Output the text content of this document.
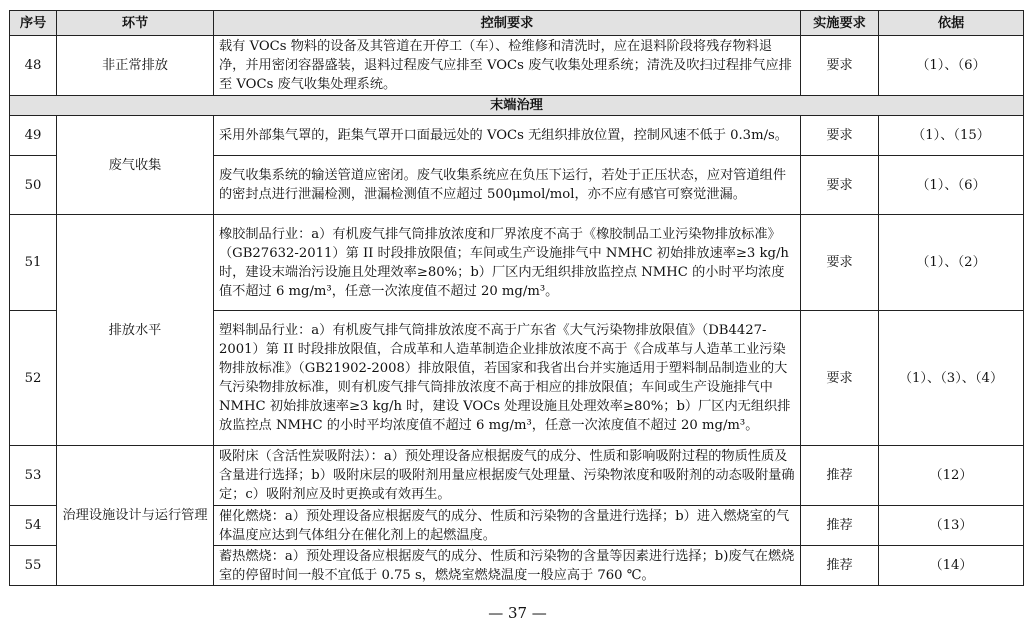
序号	环节	控制要求	实施要求	依据
48	非正常排放	载有 VOCs 物料的设备及其管道在开停工（车）、检维修和清洗时，应在退料阶段将残存物料退净，并用密闭容器盛装，退料过程废气应排至 VOCs 废气收集处理系统；清洗及吹扫过程排气应排至 VOCs 废气收集处理系统。	要求	（1）、（6）
末端治理				
49	废气收集	采用外部集气罩的，距集气罩开口面最远处的 VOCs 无组织排放位置，控制风速不低于 0.3m/s。	要求	（1）、（15）
50		废气收集系统的输送管道应密闭。废气收集系统应在负压下运行，若处于正压状态，应对管道组件的密封点进行泄漏检测，泄漏检测值不应超过 500μmol/mol，亦不应有感官可察觉泄漏。	要求	（1）、（6）
51	排放水平	橡胶制品行业：a）有机废气排气筒排放浓度和厂界浓度不高于《橡胶制品工业污染物排放标准》（GB27632-2011）第 II 时段排放限值；车间或生产设施排气中 NMHC 初始排放速率≥3 kg/h 时，建设末端治污设施且处理效率≥80%；b）厂区内无组织排放监控点 NMHC 的小时平均浓度值不超过 6 mg/m³，任意一次浓度值不超过 20 mg/m³。	要求	（1）、（2）
52		塑料制品行业：a）有机废气排气筒排放浓度不高于广东省《大气污染物排放限值》（DB4427-2001）第 II 时段排放限值，合成革和人造革制造企业排放浓度不高于《合成革与人造革工业污染物排放标准》（GB21902-2008）排放限值，若国家和我省出台并实施适用于塑料制品制造业的大气污染物排放标准，则有机废气排气筒排放浓度不高于相应的排放限值；车间或生产设施排气中 NMHC 初始排放速率≥3 kg/h 时，建设 VOCs 处理设施且处理效率≥80%；b）厂区内无组织排放监控点 NMHC 的小时平均浓度值不超过 6 mg/m³，任意一次浓度值不超过 20 mg/m³。	要求	（1）、（3）、（4）
53	治理设施设计与运行管理	吸附床（含活性炭吸附法）：a）预处理设备应根据废气的成分、性质和影响吸附过程的物质性质及含量进行选择；b）吸附床层的吸附剂用量应根据废气处理量、污染物浓度和吸附剂的动态吸附量确定；c）吸附剂应及时更换或有效再生。	推荐	（12）
54		催化燃烧：a）预处理设备应根据废气的成分、性质和污染物的含量进行选择；b）进入燃烧室的气体温度应达到气体组分在催化剂上的起燃温度。	推荐	（13）
55		蓄热燃烧：a）预处理设备应根据废气的成分、性质和污染物的含量等因素进行选择；b)废气在燃烧室的停留时间一般不宜低于 0.75 s，燃烧室燃烧温度一般应高于 760 ℃。	推荐	（14）
— 37 —
